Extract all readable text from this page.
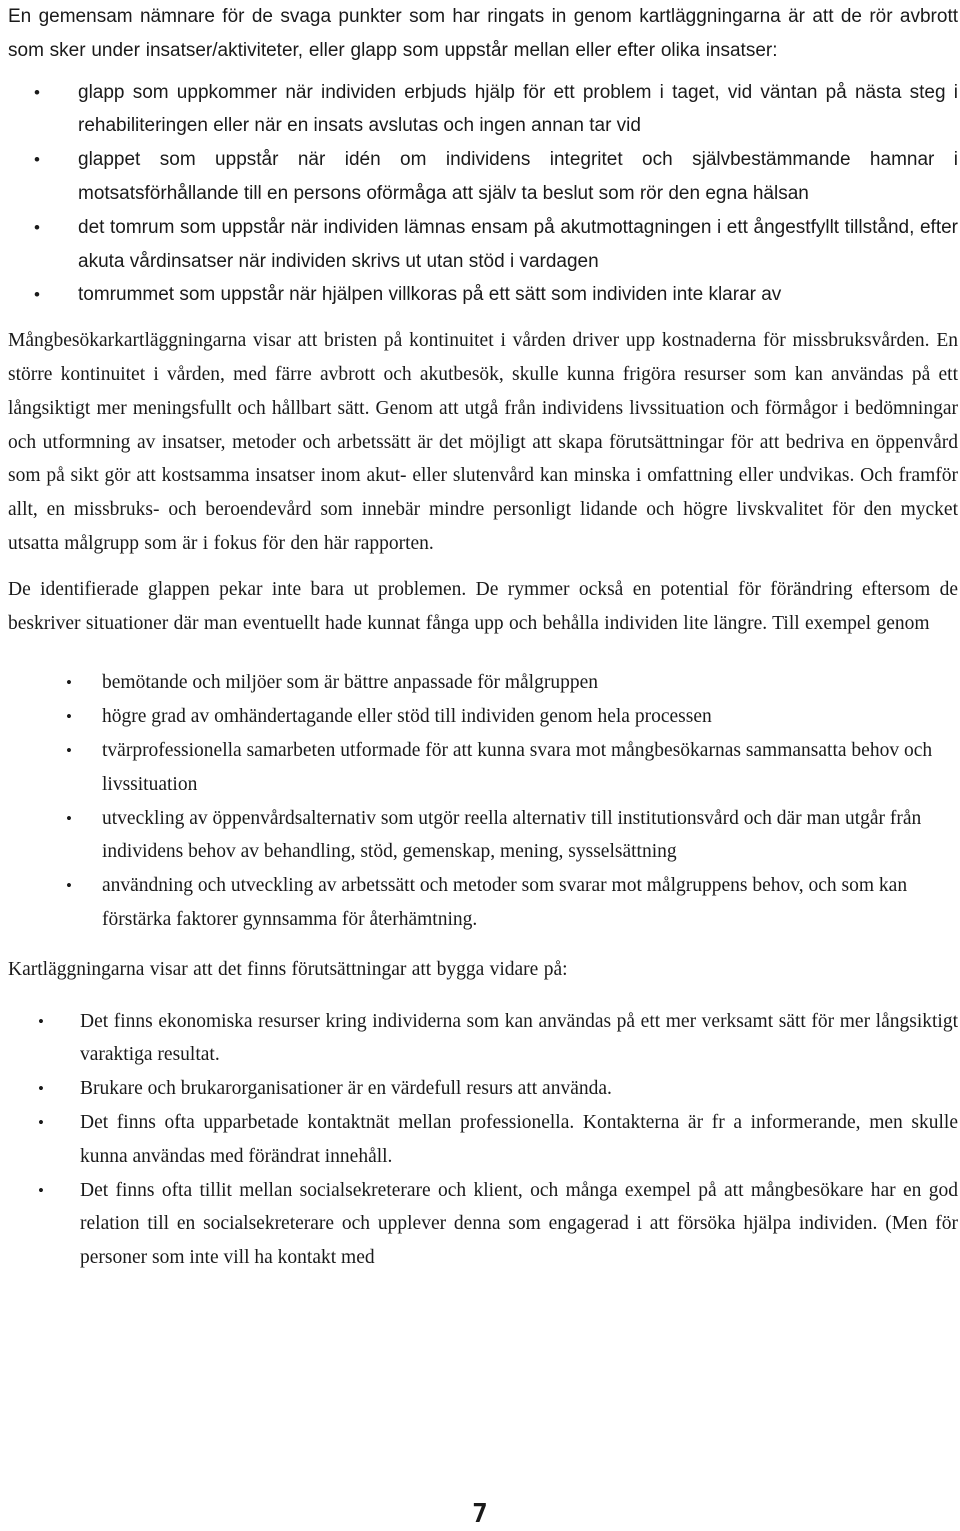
En gemensam nämnare för de svaga punkter som har ringats in genom kartläggningarna är att de rör avbrott som sker under insatser/aktiviteter, eller glapp som uppstår mellan eller efter olika insatser:

• glapp som uppkommer när individen erbjuds hjälp för ett problem i taget, vid väntan på nästa steg i rehabiliteringen eller när en insats avslutas och ingen annan tar vid
• glappet som uppstår när idén om individens integritet och självbestämmande hamnar i motsatsförhållande till en persons oförmåga att själv ta beslut som rör den egna hälsan
• det tomrum som uppstår när individen lämnas ensam på akutmottagningen i ett ångestfyllt tillstånd, efter akuta vårdinsatser när individen skrivs ut utan stöd i vardagen
• tomrummet som uppstår när hjälpen villkoras på ett sätt som individen inte klarar av

Mångbesökarkartläggningarna visar att bristen på kontinuitet i vården driver upp kostnaderna för missbruksvården. En större kontinuitet i vården, med färre avbrott och akutbesök, skulle kunna frigöra resurser som kan användas på ett långsiktigt mer meningsfullt och hållbart sätt. Genom att utgå från individens livssituation och förmågor i bedömningar och utformning av insatser, metoder och arbetssätt är det möjligt att skapa förutsättningar för att bedriva en öppenvård som på sikt gör att kostsamma insatser inom akut- eller slutenvård kan minska i omfattning eller undvikas. Och framför allt, en missbruks- och beroendevård som innebär mindre personligt lidande och högre livskvalitet för den mycket utsatta målgrupp som är i fokus för den här rapporten.

De identifierade glappen pekar inte bara ut problemen. De rymmer också en potential för förändring eftersom de beskriver situationer där man eventuellt hade kunnat fånga upp och behålla individen lite längre. Till exempel genom

• bemötande och miljöer som är bättre anpassade för målgruppen
• högre grad av omhändertagande eller stöd till individen genom hela processen
• tvärprofessionella samarbeten utformade för att kunna svara mot mångbesökarnas sammansatta behov och livssituation
• utveckling av öppenvårdsalternativ som utgör reella alternativ till institutionsvård och där man utgår från individens behov av behandling, stöd, gemenskap, mening, sysselsättning
• användning och utveckling av arbetssätt och metoder som svarar mot målgruppens behov, och som kan förstärka faktorer gynnsamma för återhämtning.

Kartläggningarna visar att det finns förutsättningar att bygga vidare på:

• Det finns ekonomiska resurser kring individerna som kan användas på ett mer verksamt sätt för mer långsiktigt varaktiga resultat.
• Brukare och brukarorganisationer är en värdefull resurs att använda.
• Det finns ofta upparbetade kontaktnät mellan professionella. Kontakterna är fr a informerande, men skulle kunna användas med förändrat innehåll.
• Det finns ofta tillit mellan socialsekreterare och klient, och många exempel på att mångbesökare har en god relation till en socialsekreterare och upplever denna som engagerad i att försöka hjälpa individen. (Men för personer som inte vill ha kontakt med
7
